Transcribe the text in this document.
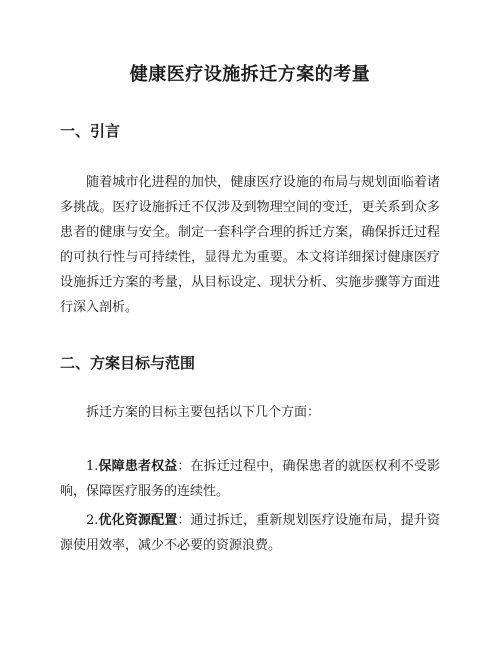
健康医疗设施拆迁方案的考量
一、引言
随着城市化进程的加快，健康医疗设施的布局与规划面临着诸多挑战。医疗设施拆迁不仅涉及到物理空间的变迁，更关系到众多患者的健康与安全。制定一套科学合理的拆迁方案，确保拆迁过程的可执行性与可持续性，显得尤为重要。本文将详细探讨健康医疗设施拆迁方案的考量，从目标设定、现状分析、实施步骤等方面进行深入剖析。
二、方案目标与范围
拆迁方案的目标主要包括以下几个方面：
1.保障患者权益：在拆迁过程中，确保患者的就医权利不受影响，保障医疗服务的连续性。
2.优化资源配置：通过拆迁，重新规划医疗设施布局，提升资源使用效率，减少不必要的资源浪费。
